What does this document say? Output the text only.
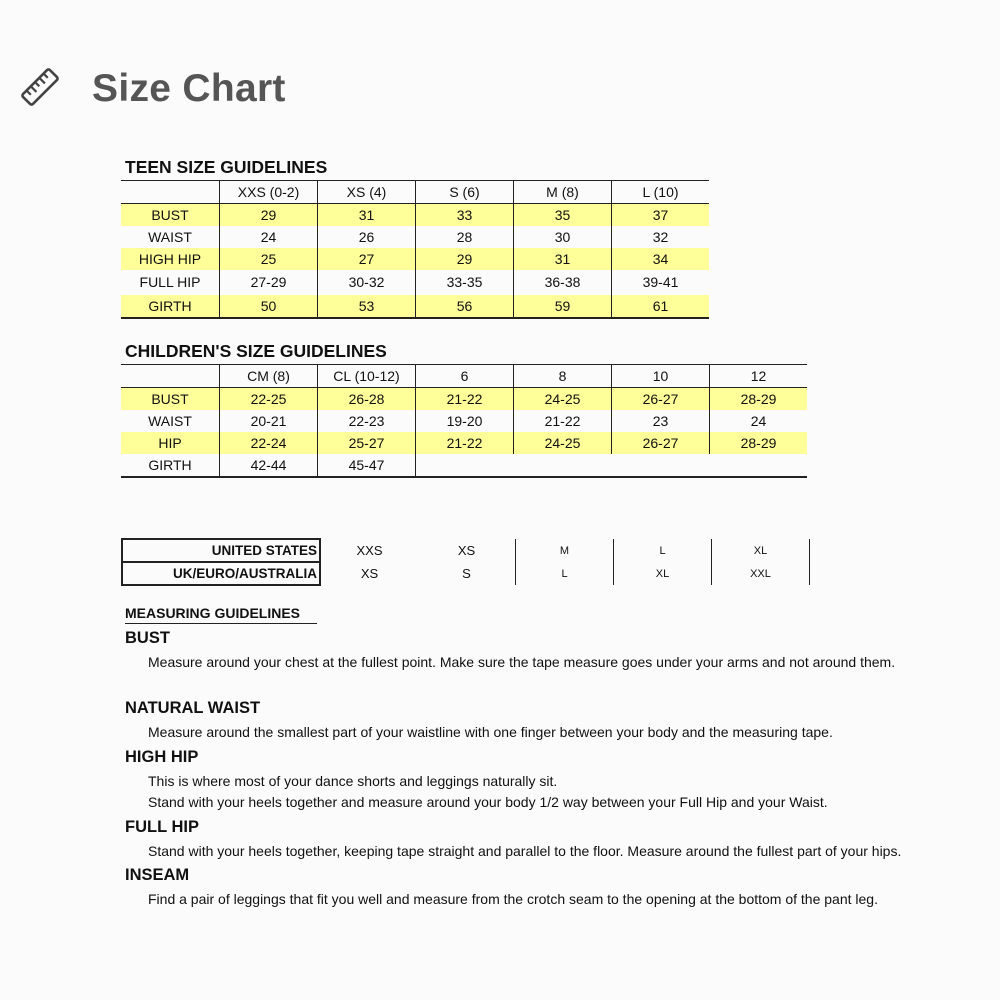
Size Chart
TEEN SIZE GUIDELINES
	XXS (0-2)	XS (4)	S (6)	M (8)	L (10)
BUST	29	31	33	35	37
WAIST	24	26	28	30	32
HIGH HIP	25	27	29	31	34
FULL HIP	27-29	30-32	33-35	36-38	39-41
GIRTH	50	53	56	59	61
CHILDREN'S SIZE GUIDELINES
	CM (8)	CL (10-12)	6	8	10	12
BUST	22-25	26-28	21-22	24-25	26-27	28-29
WAIST	20-21	22-23	19-20	21-22	23	24
HIP	22-24	25-27	21-22	24-25	26-27	28-29
GIRTH	42-44	45-47				
UNITED STATES	XXS	XS	M	L	XL
UK/EURO/AUSTRALIA	XS	S	L	XL	XXL
MEASURING GUIDELINES
BUST
Measure around your chest at the fullest point. Make sure the tape measure goes under your arms and not around them.
NATURAL WAIST
Measure around the smallest part of your waistline with one finger between your body and the measuring tape.
HIGH HIP
This is where most of your dance shorts and leggings naturally sit.
Stand with your heels together and measure around your body 1/2 way between your Full Hip and your Waist.
FULL HIP
Stand with your heels together, keeping tape straight and parallel to the floor. Measure around the fullest part of your hips.
INSEAM
Find a pair of leggings that fit you well and measure from the crotch seam to the opening at the bottom of the pant leg.
